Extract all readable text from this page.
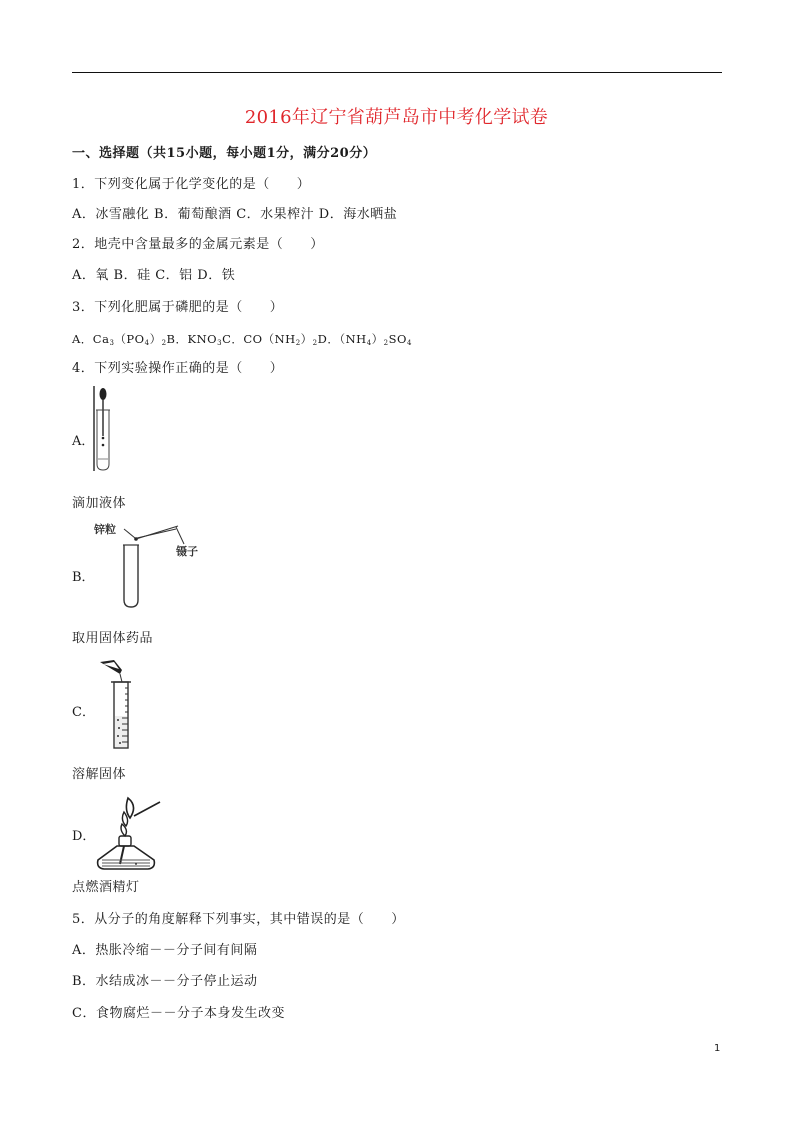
2016年辽宁省葫芦岛市中考化学试卷
一、选择题（共15小题，每小题1分，满分20分）
1．下列变化属于化学变化的是（　　）
A．冰雪融化 B．葡萄酿酒 C．水果榨汁 D．海水晒盐
2．地壳中含量最多的金属元素是（　　）
A．氧 B．硅 C．铝 D．铁
3．下列化肥属于磷肥的是（　　）
A．$Ca_3(PO_4)_2B$．$KNO_3C$．$CO(NH_2)_2D$．$(NH_4)_2SO_4$
4．下列实验操作正确的是（　　）
A．
滴加液体
B．
锌粒
镊子
取用固体药品
C．
溶解固体
D．
点燃酒精灯
5．从分子的角度解释下列事实，其中错误的是（　　）
A．热胀冷缩－－分子间有间隔
B．水结成冰－－分子停止运动
C．食物腐烂－－分子本身发生改变
1
